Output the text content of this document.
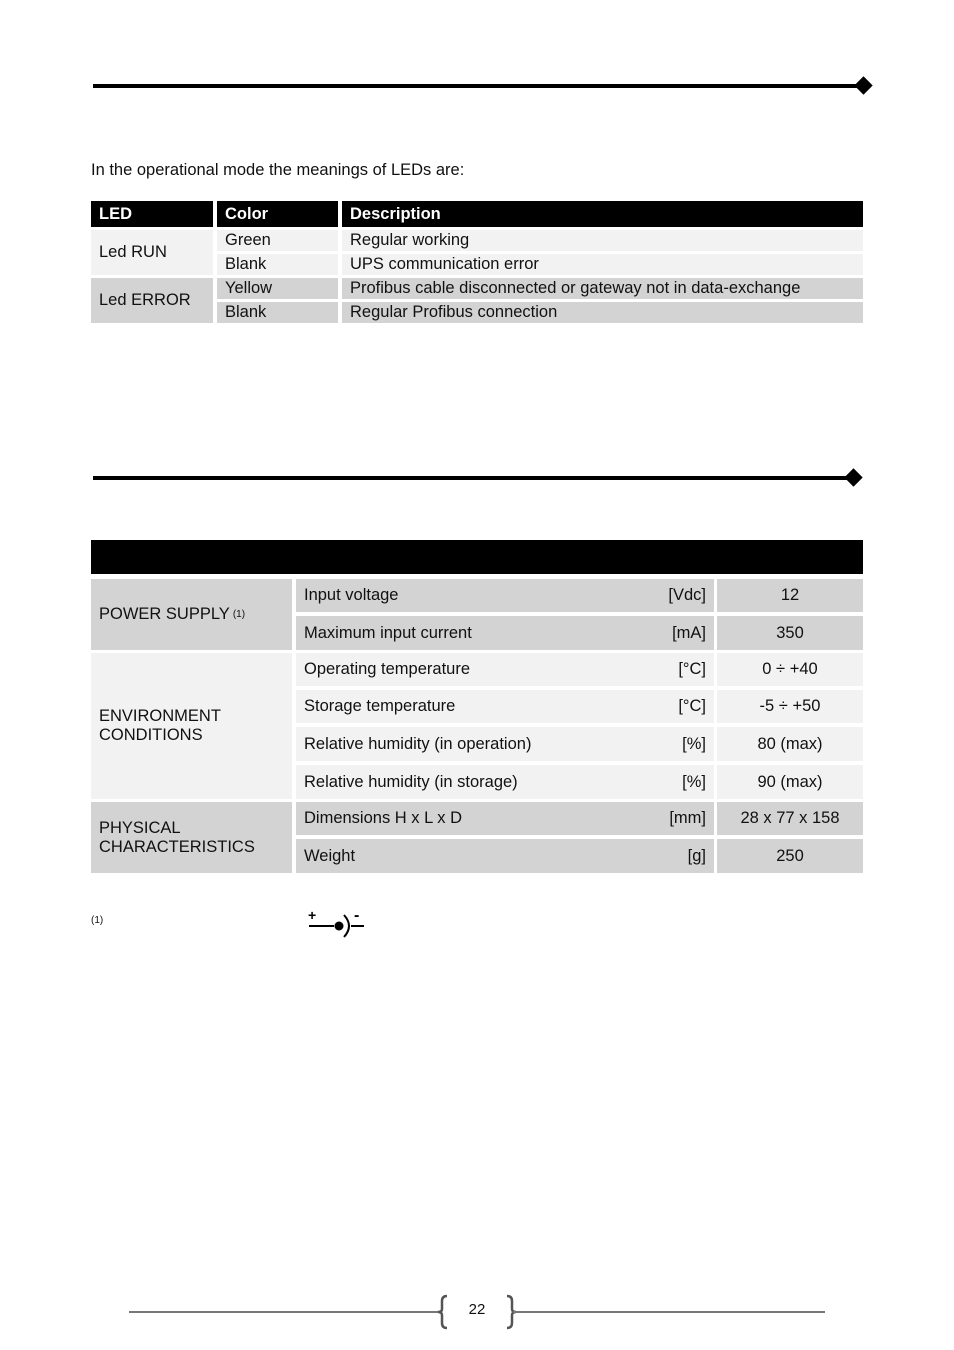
In the operational mode the meanings of LEDs are:
LED	Color	Description
Led RUN
Green	Regular working
Blank	UPS communication error
Led ERROR
Yellow	Profibus cable disconnected or gateway not in data-exchange
Blank	Regular Profibus connection
POWER SUPPLY (1)
Input voltage	[Vdc]	12
Maximum input current	[mA]	350
ENVIRONMENT CONDITIONS
Operating temperature	[°C]	0 ÷ +40
Storage temperature	[°C]	-5 ÷ +50
Relative humidity (in operation)	[%]	80 (max)
Relative humidity (in storage)	[%]	90 (max)
PHYSICAL CHARACTERISTICS
Dimensions H x L x D	[mm]	28 x 77 x 158
Weight	[g]	250
(1)	+ -
22
